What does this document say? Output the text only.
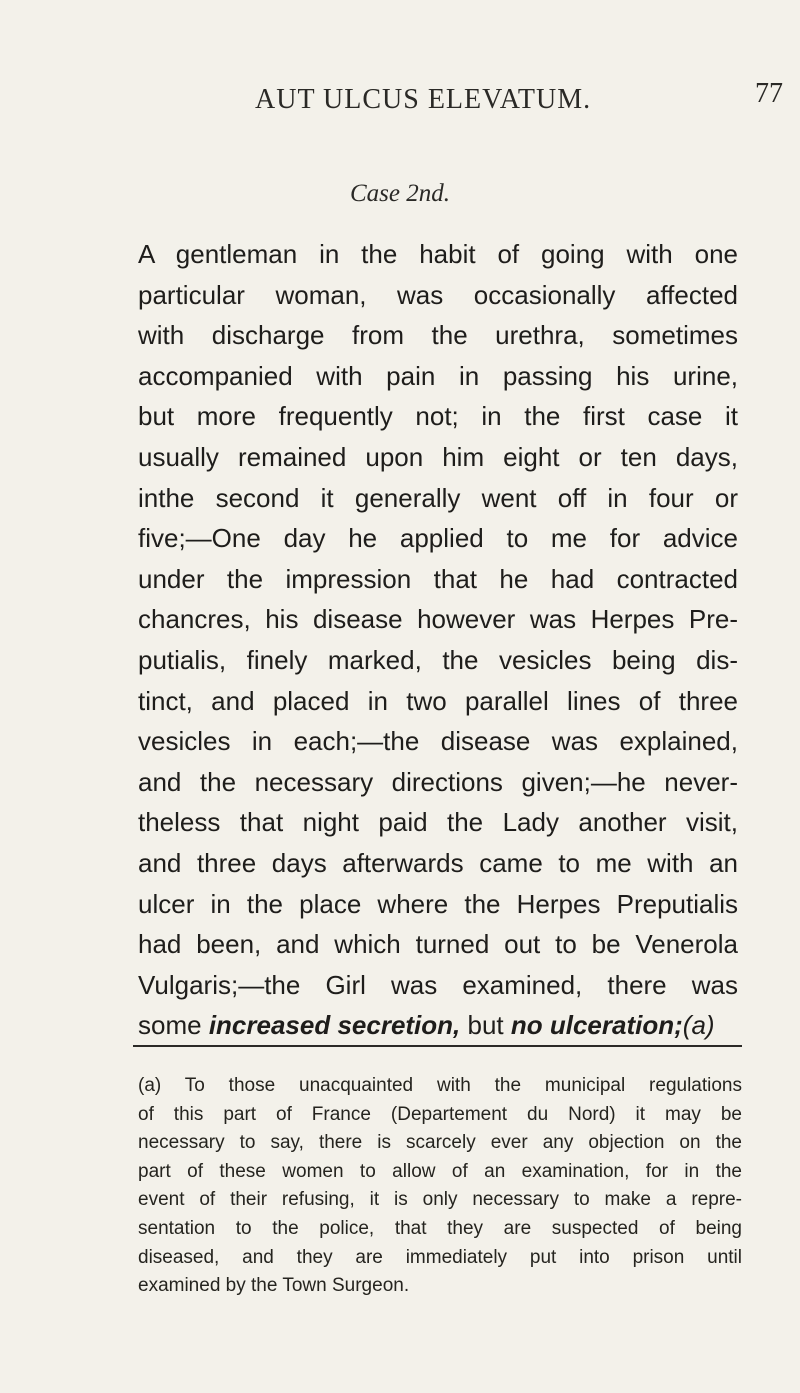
AUT ULCUS ELEVATUM.	77
Case 2nd.
A gentleman in the habit of going with one
particular woman, was occasionally affected
with discharge from the urethra, sometimes
accompanied with pain in passing his urine,
but more frequently not; in the first case it
usually remained upon him eight or ten days,
inthe second it generally went off in four or
five;—One day he applied to me for advice
under the impression that he had contracted
chancres, his disease however was Herpes Pre-
putialis, finely marked, the vesicles being dis-
tinct, and placed in two parallel lines of three
vesicles in each;—the disease was explained,
and the necessary directions given;—he never-
theless that night paid the Lady another visit,
and three days afterwards came to me with an
ulcer in the place where the Herpes Preputialis
had been, and which turned out to be Venerola
Vulgaris;—the Girl was examined, there was
some increased secretion, but no ulceration; (a)
(a) To those unacquainted with the municipal regulations
of this part of France (Departement du Nord) it may be
necessary to say, there is scarcely ever any objection on the
part of these women to allow of an examination, for in the
event of their refusing, it is only necessary to make a repre-
sentation to the police, that they are suspected of being
diseased, and they are immediately put into prison until
examined by the Town Surgeon.
